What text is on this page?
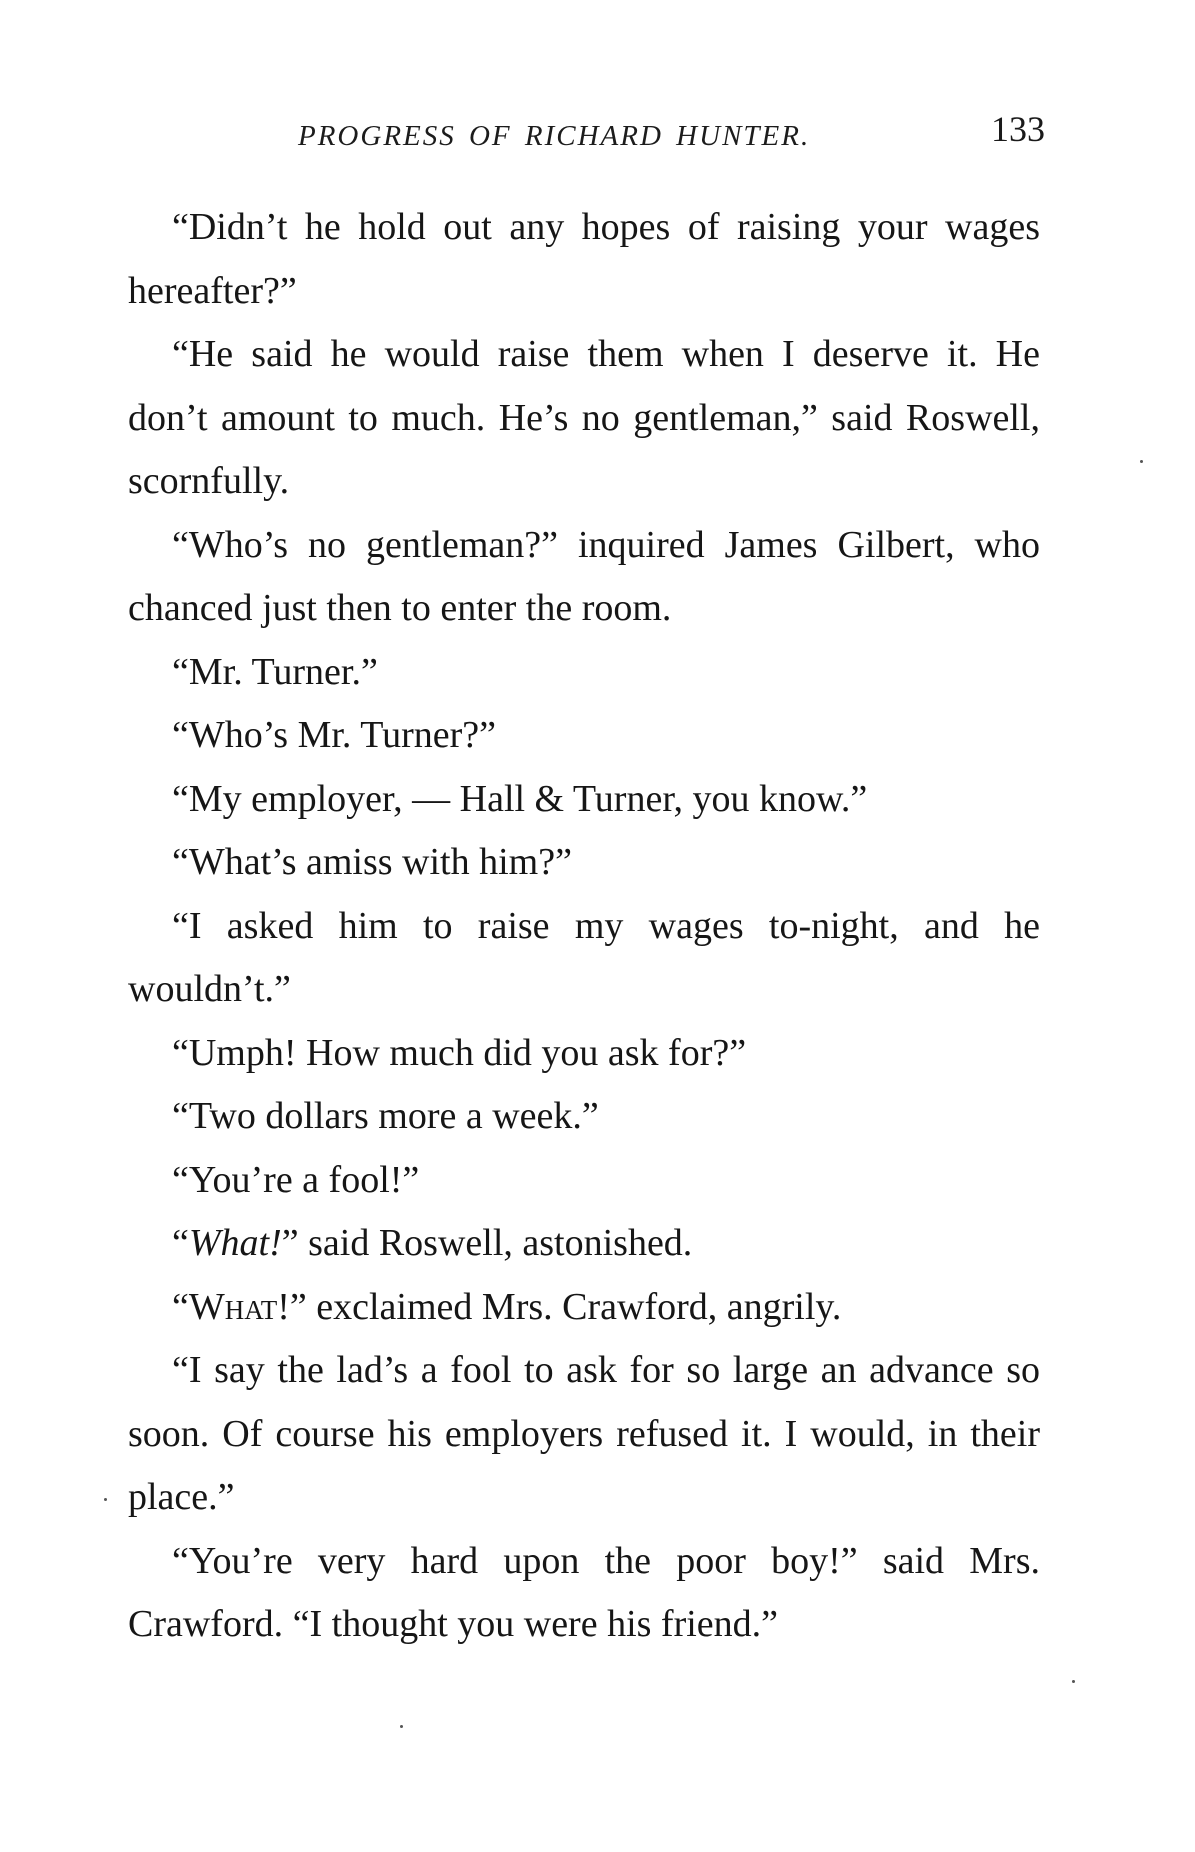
PROGRESS OF RICHARD HUNTER.	133

“Didn’t he hold out any hopes of raising your wages hereafter?”

“He said he would raise them when I deserve it. He don’t amount to much. He’s no gentleman,” said Roswell, scornfully.

“Who’s no gentleman?” inquired James Gilbert, who chanced just then to enter the room.

“Mr. Turner.”

“Who’s Mr. Turner?”

“My employer, — Hall & Turner, you know.”

“What’s amiss with him?”

“I asked him to raise my wages to-night, and he wouldn’t.”

“Umph! How much did you ask for?”

“Two dollars more a week.”

“You’re a fool!”

“What!” said Roswell, astonished.

“What!” exclaimed Mrs. Crawford, angrily.

“I say the lad’s a fool to ask for so large an advance so soon. Of course his employers refused it. I would, in their place.”

“You’re very hard upon the poor boy!” said Mrs. Crawford. “I thought you were his friend.”
